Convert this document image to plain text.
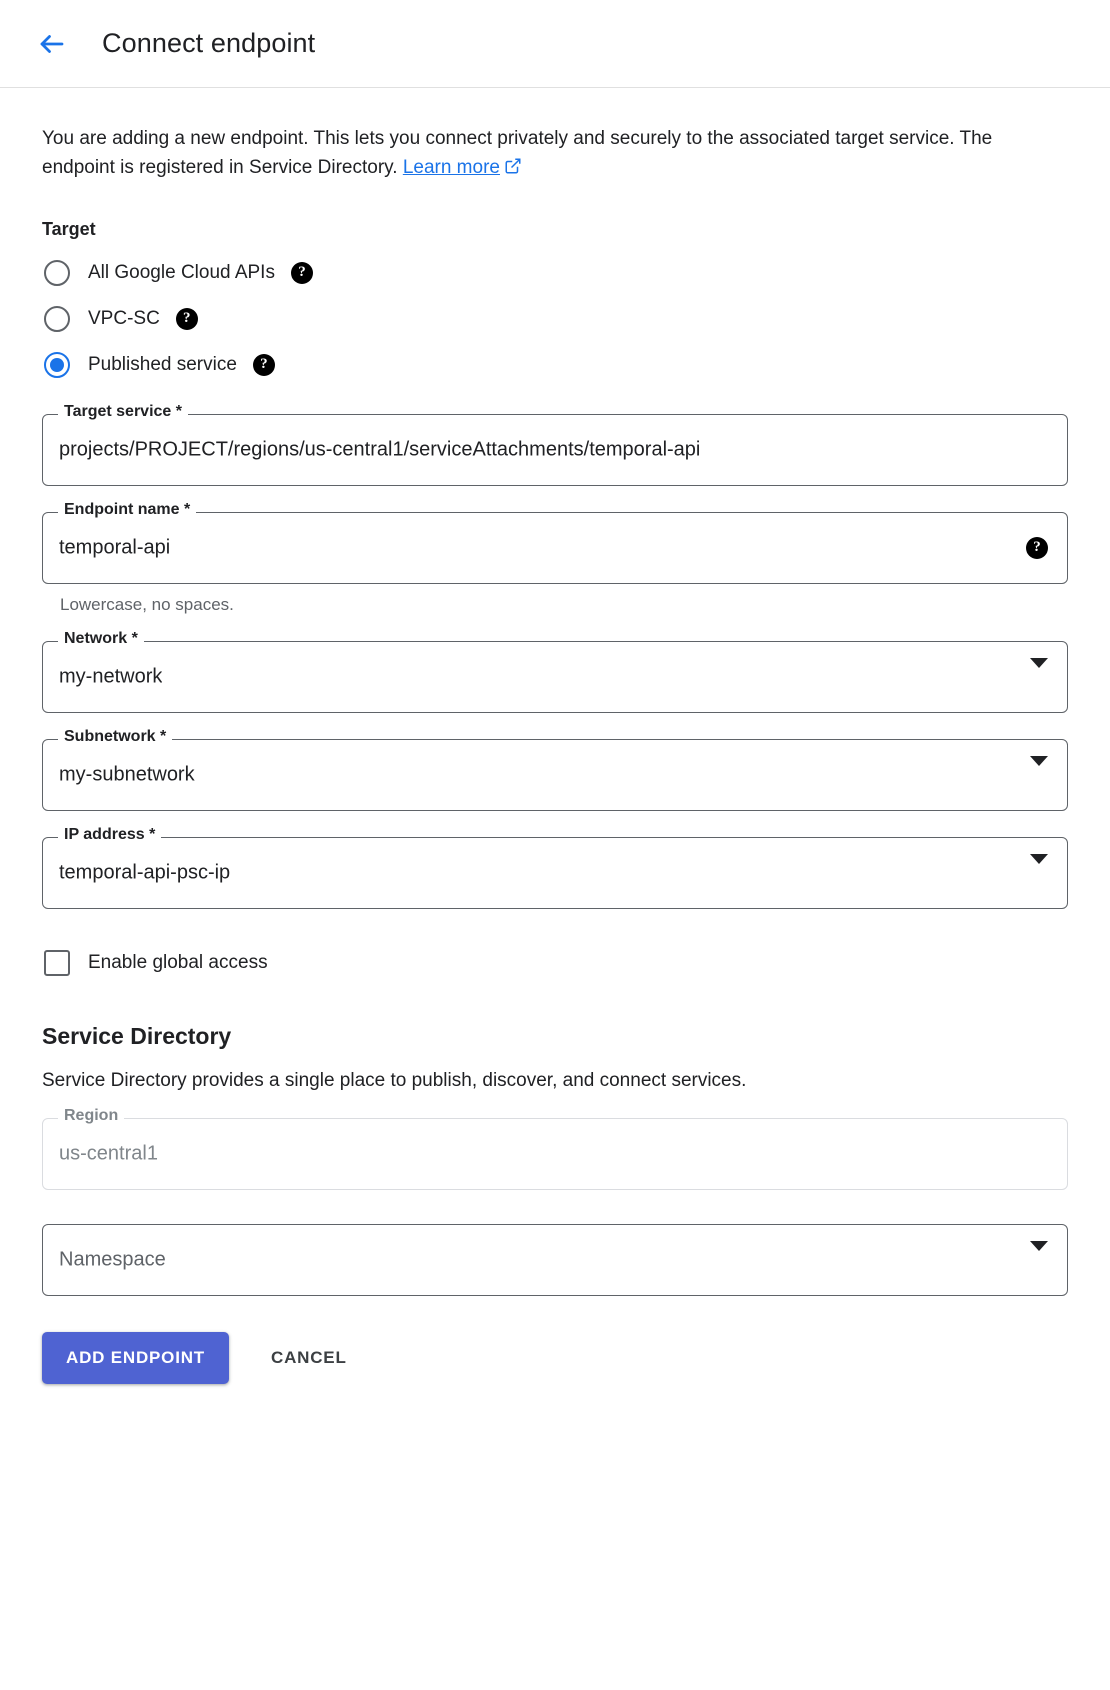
Connect endpoint
You are adding a new endpoint. This lets you connect privately and securely to the associated target service. The endpoint is registered in Service Directory. Learn more
Target
All Google Cloud APIs	?
VPC-SC	?
Published service	?
Target service *
projects/PROJECT/regions/us-central1/serviceAttachments/temporal-api
Endpoint name *
temporal-api	?
Lowercase, no spaces.
Network *
my-network
Subnetwork *
my-subnetwork
IP address *
temporal-api-psc-ip
Enable global access
Service Directory
Service Directory provides a single place to publish, discover, and connect services.
Region
us-central1
Namespace
ADD ENDPOINT	CANCEL
